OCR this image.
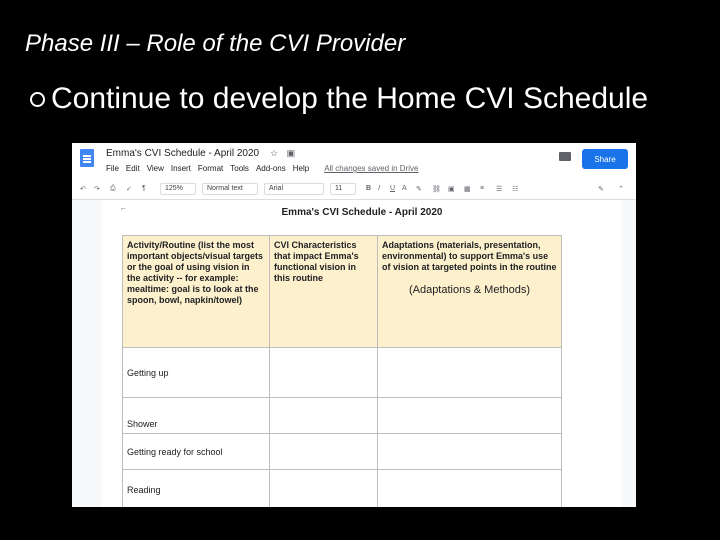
Phase III – Role of the CVI Provider
Continue to develop the Home CVI Schedule
Emma's CVI Schedule - April 2020 ☆ ▣
File Edit View Insert Format Tools Add-ons Help All changes saved in Drive
Share
↶ ↷ ⎙ ✓ ¶	125%	Normal text	Arial	11	B I U A ✎ ⛓ ▣ ▦ ≡ ☰ ☷	✎ ⌃
⌐	Emma's CVI Schedule - April 2020
Activity/Routine (list the most important objects/visual targets or the goal of using vision in the activity -- for example: mealtime: goal is to look at the spoon, bowl, napkin/towel)	CVI Characteristics that impact Emma's functional vision in this routine	Adaptations (materials, presentation, environmental) to support Emma's use of vision at targeted points in the routine
(Adaptations & Methods)

Getting up		
Shower		
Getting ready for school		
Reading		
